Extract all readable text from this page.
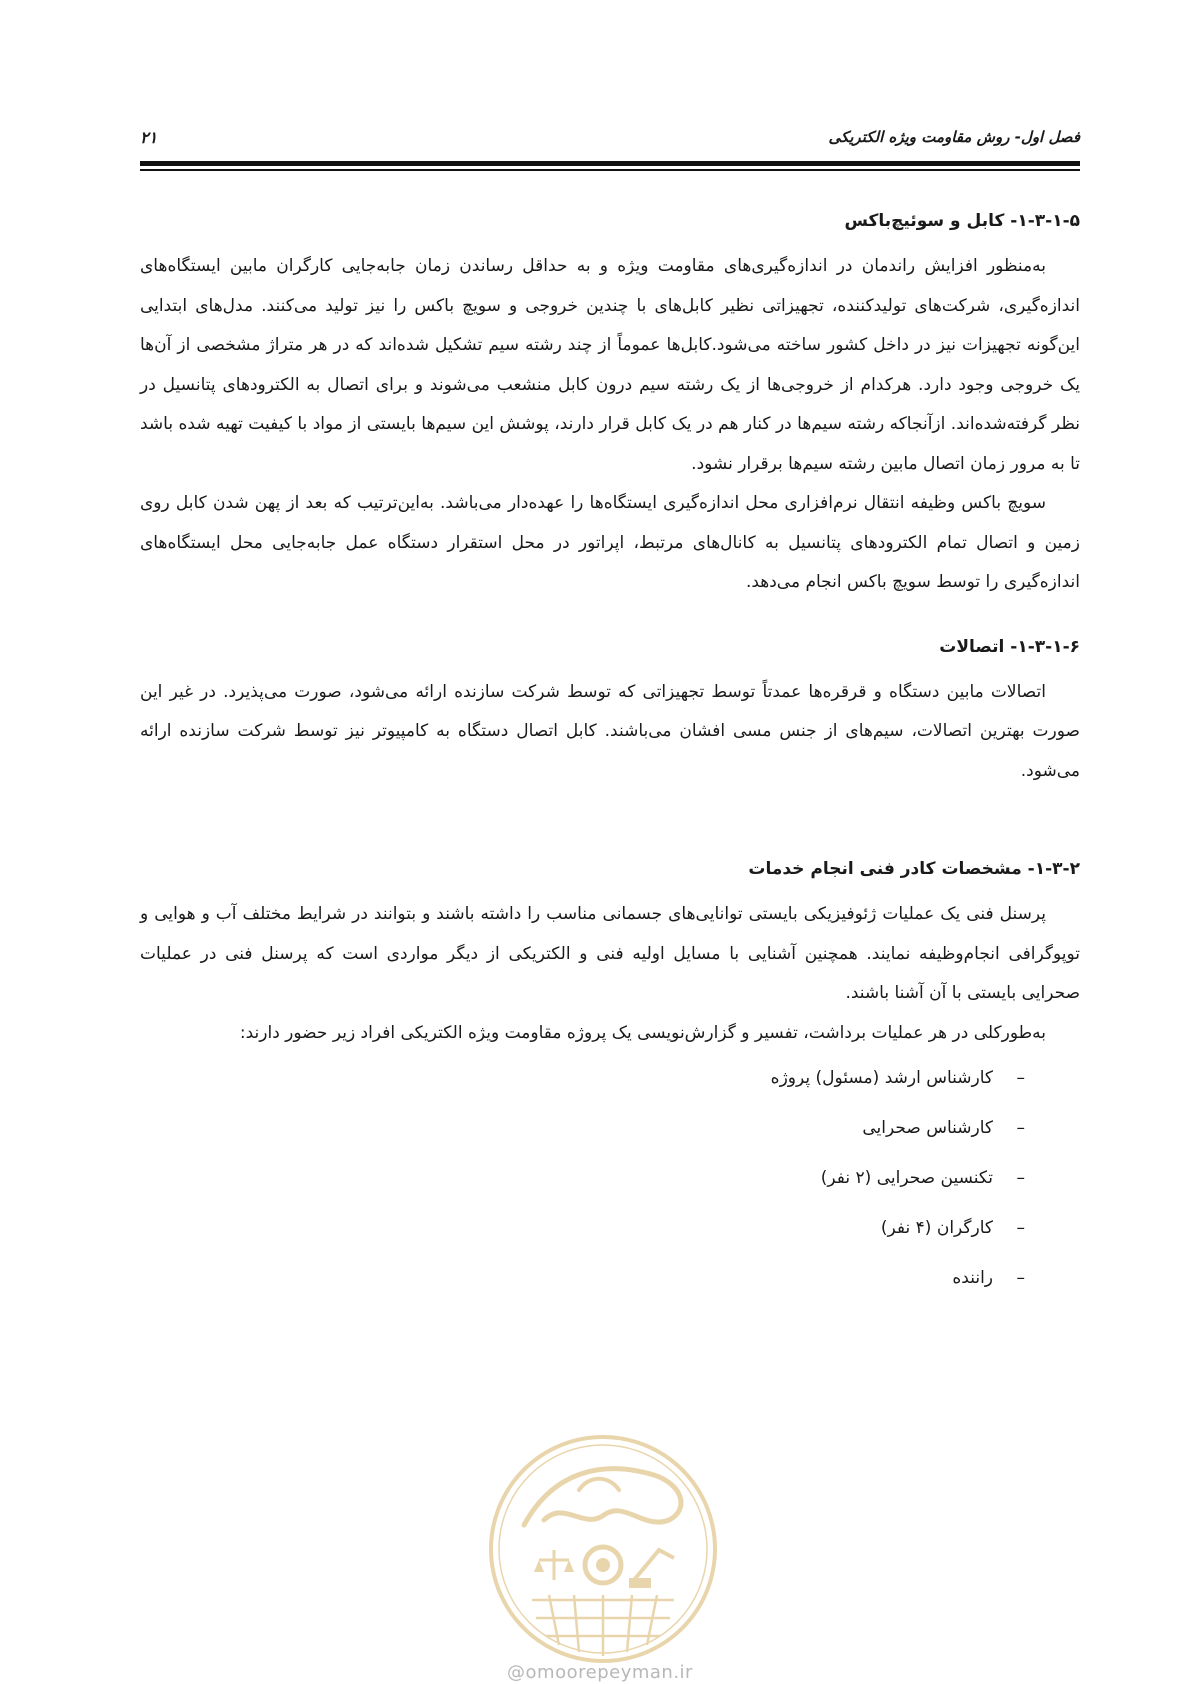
فصل اول- روش مقاومت ویژه الکتریکی
۲۱
۱-۳-۱-۵- کابل و سوئیچ‌باکس

به‌منظور افزایش راندمان در اندازه‌گیری‌های مقاومت ویژه و به حداقل رساندن زمان جابه‌جایی کارگران مابین ایستگاه‌های اندازه‌گیری، شرکت‌های تولیدکننده، تجهیزاتی نظیر کابل‌های با چندین خروجی و سویچ باکس را نیز تولید می‌کنند. مدل‌های ابتدایی این‌گونه تجهیزات نیز در داخل کشور ساخته می‌شود.کابل‌ها عموماً از چند رشته سیم تشکیل شده‌اند که در هر متراژ مشخصی از آن‌ها یک خروجی وجود دارد. هرکدام از خروجی‌ها از یک رشته سیم درون کابل منشعب می‌شوند و برای اتصال به الکترودهای پتانسیل در نظر گرفته‌شده‌اند. ازآنجاکه رشته سیم‌ها در کنار هم در یک کابل قرار دارند، پوشش این سیم‌ها بایستی از مواد با کیفیت تهیه شده باشد تا به مرور زمان اتصال مابین رشته سیم‌ها برقرار نشود.

سویچ باکس وظیفه انتقال نرم‌افزاری محل اندازه‌گیری ایستگاه‌ها را عهده‌دار می‌باشد. به‌این‌ترتیب که بعد از پهن شدن کابل روی زمین و اتصال تمام الکترودهای پتانسیل به کانال‌های مرتبط، اپراتور در محل استقرار دستگاه عمل جابه‌جایی محل ایستگاه‌های اندازه‌گیری را توسط سویچ باکس انجام می‌دهد.

۱-۳-۱-۶- اتصالات

اتصالات مابین دستگاه و قرقره‌ها عمدتاً توسط تجهیزاتی که توسط شرکت سازنده ارائه می‌شود، صورت می‌پذیرد. در غیر این صورت بهترین اتصالات، سیم‌های از جنس مسی افشان می‌باشند. کابل اتصال دستگاه به کامپیوتر نیز توسط شرکت سازنده ارائه می‌شود.

۱-۳-۲- مشخصات کادر فنی انجام خدمات

پرسنل فنی یک عملیات ژئوفیزیکی بایستی توانایی‌های جسمانی مناسب را داشته باشند و بتوانند در شرایط مختلف آب و هوایی و توپوگرافی انجام‌وظیفه نمایند. همچنین آشنایی با مسایل اولیه فنی و الکتریکی از دیگر مواردی است که پرسنل فنی در عملیات صحرایی بایستی با آن آشنا باشند.

به‌طورکلی در هر عملیات برداشت، تفسیر و گزارش‌نویسی یک پروژه مقاومت ویژه الکتریکی افراد زیر حضور دارند:

–
کارشناس ارشد (مسئول) پروژه
–
کارشناس صحرایی
–
تکنسین صحرایی (۲ نفر)
–
کارگران (۴ نفر)
–
راننده
@omoorepeyman.ir
